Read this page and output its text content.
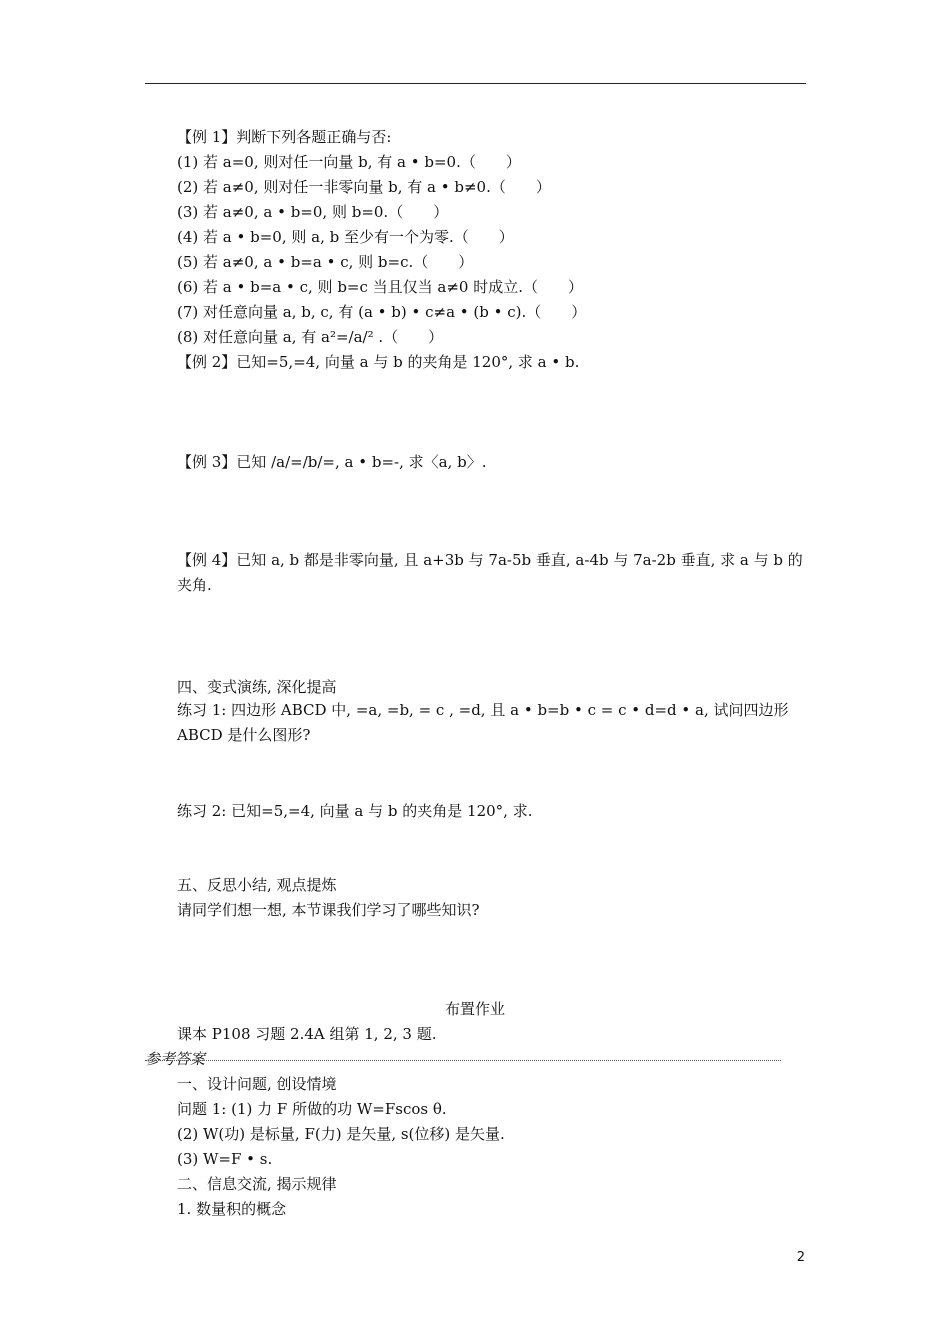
【例 1】判断下列各题正确与否:
(1) 若 a=0, 则对任一向量 b, 有 a • b=0.（　　）
(2) 若 a≠0, 则对任一非零向量 b, 有 a • b≠0.（　　）
(3) 若 a≠0, a • b=0, 则 b=0.（　　）
(4) 若 a • b=0, 则 a, b 至少有一个为零.（　　）
(5) 若 a≠0, a • b=a • c, 则 b=c.（　　）
(6) 若 a • b=a • c, 则 b=c 当且仅当 a≠0 时成立.（　　）
(7) 对任意向量 a, b, c, 有 (a • b) • c≠a • (b • c).（　　）
(8) 对任意向量 a, 有 a²=/a/² .（　　）
【例 2】已知=5,=4, 向量 a 与 b 的夹角是 120°, 求 a • b.
【例 3】已知 /a/=/b/=, a • b=-, 求〈a, b〉.
【例 4】已知 a, b 都是非零向量, 且 a+3b 与 7a-5b 垂直, a-4b 与 7a-2b 垂直, 求 a 与 b 的夹角.
四、变式演练, 深化提高
练习 1: 四边形 ABCD 中, =a, =b, = c , =d, 且 a • b=b • c = c • d=d • a, 试问四边形 ABCD 是什么图形?
练习 2: 已知=5,=4, 向量 a 与 b 的夹角是 120°, 求.
五、反思小结, 观点提炼
请同学们想一想, 本节课我们学习了哪些知识?
布置作业
课本 P108 习题 2.4A 组第 1, 2, 3 题.
参考答案
一、设计问题, 创设情境
问题 1: (1) 力 F 所做的功 W=Fscos θ.
(2) W(功) 是标量, F(力) 是矢量, s(位移) 是矢量.
(3) W=F • s.
二、信息交流, 揭示规律
1. 数量积的概念
2
